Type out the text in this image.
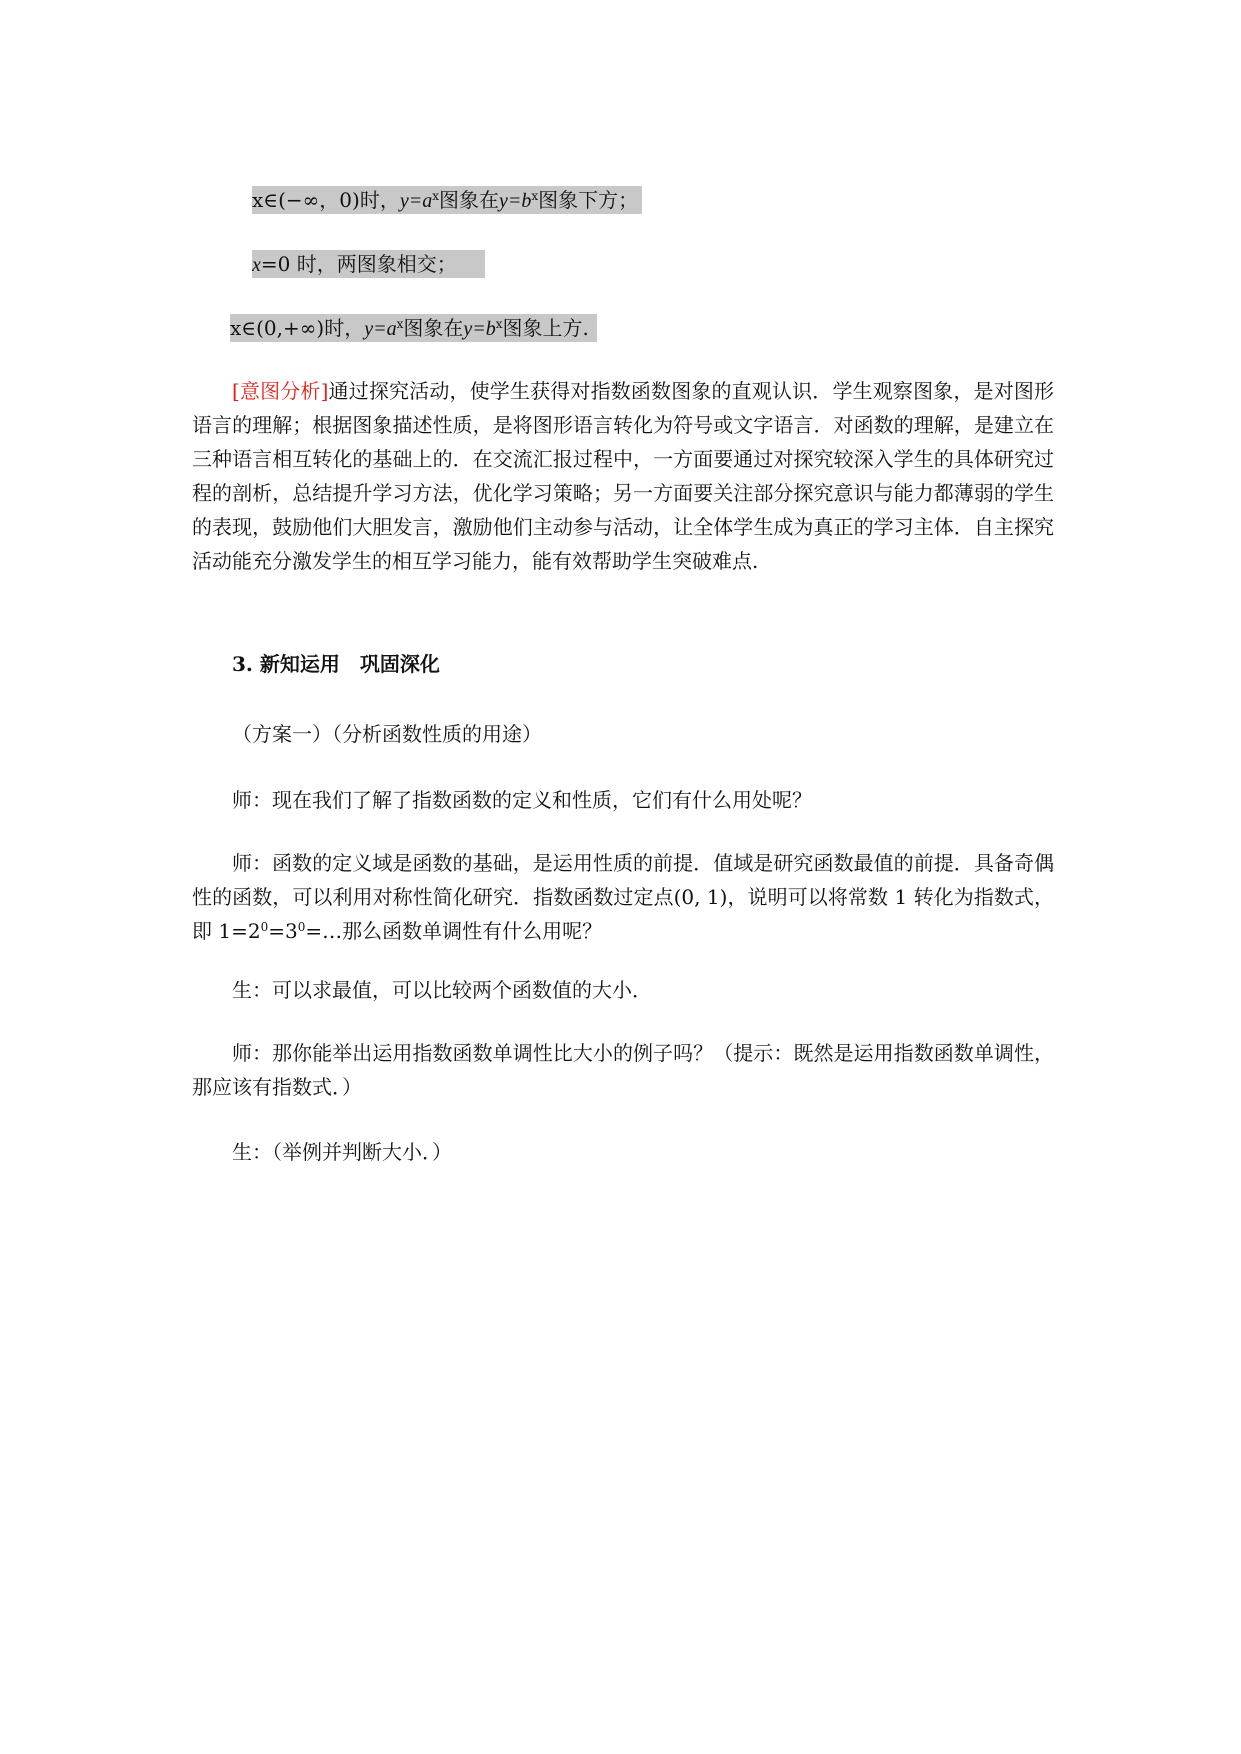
x∈(−∞，0)时，$y=a^x$图象在$y=b^x$图象下方；
x=0 时，两图象相交；
x∈(0,+∞)时，$y=a^x$图象在$y=b^x$图象上方.
[意图分析]通过探究活动，使学生获得对指数函数图象的直观认识．学生观察图象，是对图形语言的理解；根据图象描述性质，是将图形语言转化为符号或文字语言．对函数的理解，是建立在三种语言相互转化的基础上的．在交流汇报过程中，一方面要通过对探究较深入学生的具体研究过程的剖析，总结提升学习方法，优化学习策略；另一方面要关注部分探究意识与能力都薄弱的学生的表现，鼓励他们大胆发言，激励他们主动参与活动，让全体学生成为真正的学习主体．自主探究活动能充分激发学生的相互学习能力，能有效帮助学生突破难点.
3. 新知运用　巩固深化
（方案一）（分析函数性质的用途）
师：现在我们了解了指数函数的定义和性质，它们有什么用处呢？
师：函数的定义域是函数的基础，是运用性质的前提．值域是研究函数最值的前提．具备奇偶性的函数，可以利用对称性简化研究．指数函数过定点(0, 1)，说明可以将常数 1 转化为指数式，即 $1=2^0=3^0=\dots$那么函数单调性有什么用呢？
生：可以求最值，可以比较两个函数值的大小．
师：那你能举出运用指数函数单调性比大小的例子吗？（提示：既然是运用指数函数单调性，那应该有指数式．）
生：（举例并判断大小．）
